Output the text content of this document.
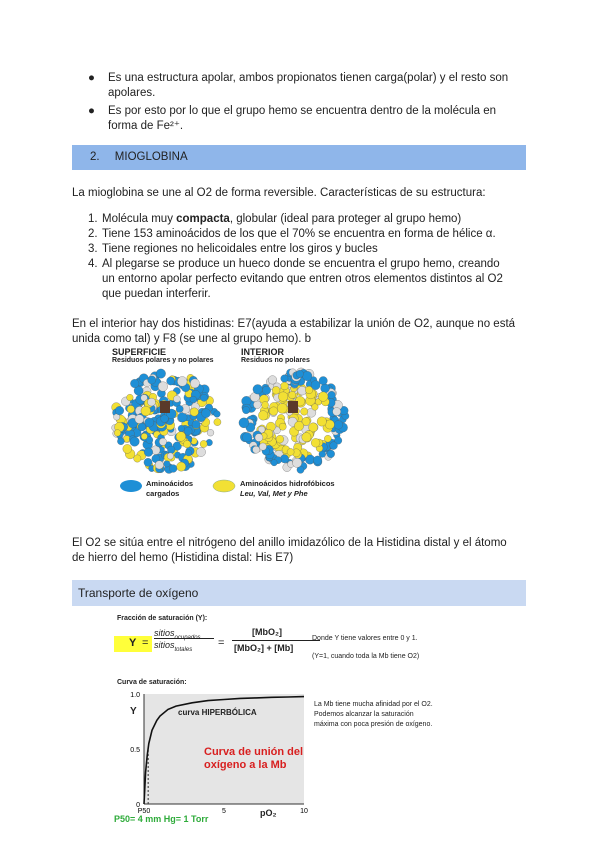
● Es una estructura apolar, ambos propionatos tienen carga(polar) y el resto son apolares.
● Es por esto por lo que el grupo hemo se encuentra dentro de la molécula en forma de Fe²⁺.
2. MIOGLOBINA
La mioglobina se une al O2 de forma reversible. Características de su estructura:
1. Molécula muy compacta, globular (ideal para proteger al grupo hemo)
2. Tiene 153 aminoácidos de los que el 70% se encuentra en forma de hélice α.
3. Tiene regiones no helicoidales entre los giros y bucles
4. Al plegarse se produce un hueco donde se encuentra el grupo hemo, creando un entorno apolar perfecto evitando que entren otros elementos distintos al O2 que puedan interferir.
En el interior hay dos histidinas: E7(ayuda a estabilizar la unión de O2, aunque no está unida como tal) y F8 (se une al grupo hemo). b
SUPERFICIE
Residuos polares y no polares
INTERIOR
Residuos no polares
Aminoácidos
cargados
Aminoácidos hidrofóbicos
Leu, Val, Met y Phe
El O2 se sitúa entre el nitrógeno del anillo imidazólico de la Histidina distal y el átomo de hierro del hemo (Histidina distal: His E7)
Transporte de oxígeno
Fracción de saturación (Y):
Y =
sitios$_{ocupados}$
sitios$_{totales}$
=
[MbO₂]
[MbO₂] + [Mb]
Donde Y tiene valores entre 0 y 1.
(Y=1, cuando toda la Mb tiene O2)
Curva de saturación:
0
0.5
1.0
P50	5	10
Y
pO₂
curva HIPERBÓLICA
Curva de unión del
oxígeno a la Mb
P50= 4 mm Hg= 1 Torr
La Mb tiene mucha afinidad por el O2. Podemos alcanzar la saturación máxima con poca presión de oxígeno.
